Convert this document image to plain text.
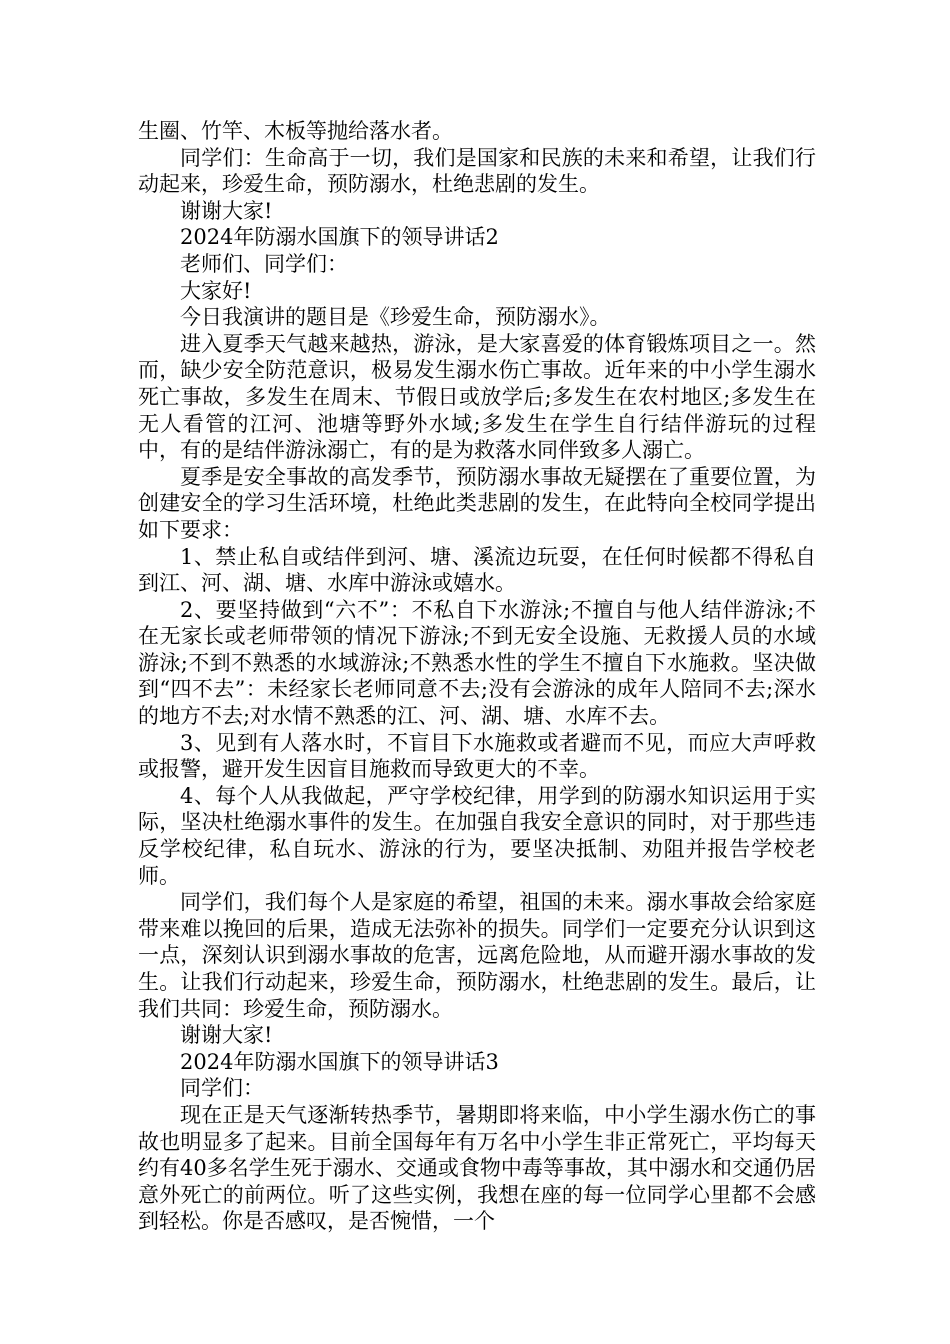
生圈、竹竿、木板等抛给落水者。

同学们：生命高于一切，我们是国家和民族的未来和希望，让我们行动起来，珍爱生命，预防溺水，杜绝悲剧的发生。

谢谢大家!

2024年防溺水国旗下的领导讲话2

老师们、同学们：

大家好!

今日我演讲的题目是《珍爱生命，预防溺水》。

进入夏季天气越来越热，游泳，是大家喜爱的体育锻炼项目之一。然而，缺少安全防范意识，极易发生溺水伤亡事故。近年来的中小学生溺水死亡事故，多发生在周末、节假日或放学后;多发生在农村地区;多发生在无人看管的江河、池塘等野外水域;多发生在学生自行结伴游玩的过程中，有的是结伴游泳溺亡，有的是为救落水同伴致多人溺亡。

夏季是安全事故的高发季节，预防溺水事故无疑摆在了重要位置，为创建安全的学习生活环境，杜绝此类悲剧的发生，在此特向全校同学提出如下要求：

1、禁止私自或结伴到河、塘、溪流边玩耍，在任何时候都不得私自到江、河、湖、塘、水库中游泳或嬉水。

2、要坚持做到“六不”：不私自下水游泳;不擅自与他人结伴游泳;不在无家长或老师带领的情况下游泳;不到无安全设施、无救援人员的水域游泳;不到不熟悉的水域游泳;不熟悉水性的学生不擅自下水施救。坚决做到“四不去”：未经家长老师同意不去;没有会游泳的成年人陪同不去;深水的地方不去;对水情不熟悉的江、河、湖、塘、水库不去。

3、见到有人落水时，不盲目下水施救或者避而不见，而应大声呼救或报警，避开发生因盲目施救而导致更大的不幸。

4、每个人从我做起，严守学校纪律，用学到的防溺水知识运用于实际，坚决杜绝溺水事件的发生。在加强自我安全意识的同时，对于那些违反学校纪律，私自玩水、游泳的行为，要坚决抵制、劝阻并报告学校老师。

同学们，我们每个人是家庭的希望，祖国的未来。溺水事故会给家庭带来难以挽回的后果，造成无法弥补的损失。同学们一定要充分认识到这一点，深刻认识到溺水事故的危害，远离危险地，从而避开溺水事故的发生。让我们行动起来，珍爱生命，预防溺水，杜绝悲剧的发生。最后，让我们共同：珍爱生命，预防溺水。

谢谢大家!

2024年防溺水国旗下的领导讲话3

同学们：

现在正是天气逐渐转热季节，暑期即将来临，中小学生溺水伤亡的事故也明显多了起来。目前全国每年有万名中小学生非正常死亡，平均每天约有40多名学生死于溺水、交通或食物中毒等事故，其中溺水和交通仍居意外死亡的前两位。听了这些实例，我想在座的每一位同学心里都不会感到轻松。你是否感叹，是否惋惜，一个
